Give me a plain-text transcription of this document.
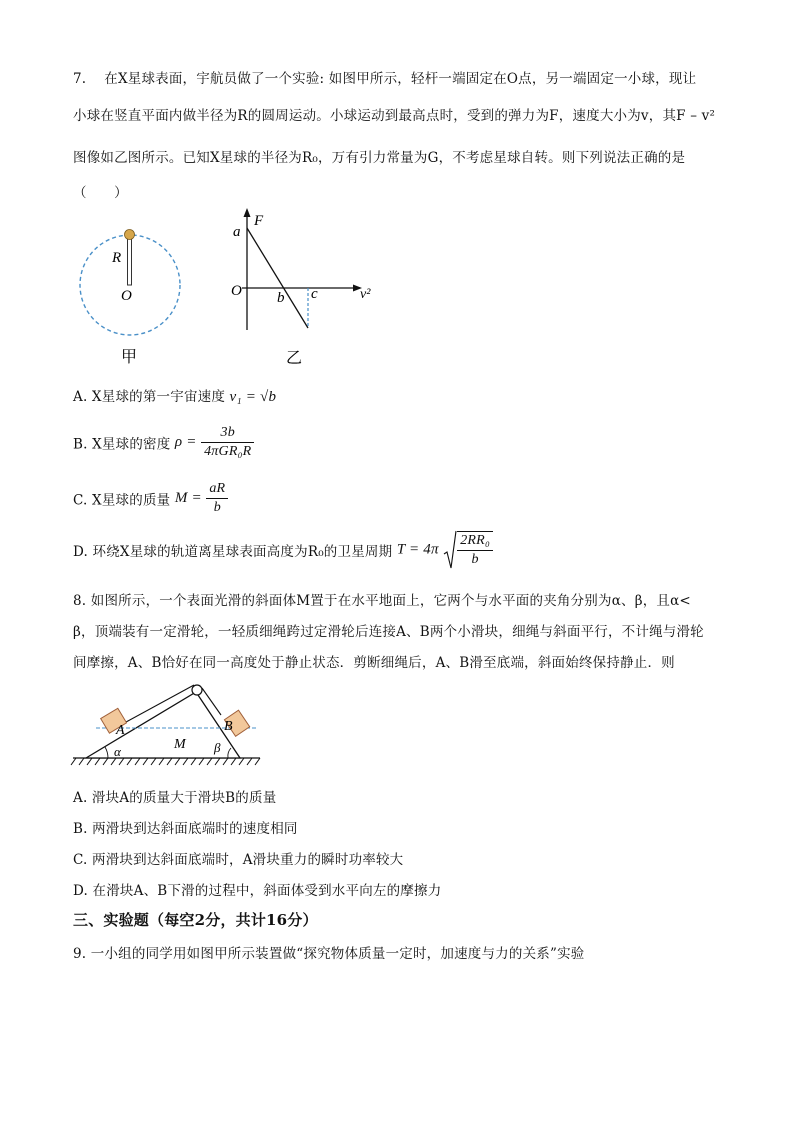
7. 在X星球表面，宇航员做了一个实验: 如图甲所示，轻杆一端固定在O点，另一端固定一小球，现让
小球在竖直平面内做半径为R的圆周运动。小球运动到最高点时，受到的弹力为F，速度大小为v，其F – v²
图像如乙图所示。已知X星球的半径为R₀，万有引力常量为G，不考虑星球自转。则下列说法正确的是
（　　）
R
O
甲
F
a
O b c	v²
乙
A. X星球的第一宇宙速度 v₁ = √b
B. X星球的密度 $\rho = \frac{3b}{\text{4πGR₀R}}$
C. X星球的质量 $M = \frac{aR}{b}$
D. 环绕X星球的轨道离星球表面高度为R₀的卫星周期 $T = 4\pi \frac{\text{2RR₀}}{b}$
8. 如图所示，一个表面光滑的斜面体M置于在水平地面上，它两个与水平面的夹角分别为α、β，且α<
β，顶端装有一定滑轮，一轻质细绳跨过定滑轮后连接A、B两个小滑块，细绳与斜面平行，不计绳与滑轮
间摩擦，A、B恰好在同一高度处于静止状态．剪断细绳后，A、B滑至底端，斜面始终保持静止．则
A	B
M
α	β
A. 滑块A的质量大于滑块B的质量
B. 两滑块到达斜面底端时的速度相同
C. 两滑块到达斜面底端时，A滑块重力的瞬时功率较大
D. 在滑块A、B下滑的过程中，斜面体受到水平向左的摩擦力
三、实验题（每空2分，共计16分）
9. 一小组的同学用如图甲所示装置做“探究物体质量一定时，加速度与力的关系”实验
